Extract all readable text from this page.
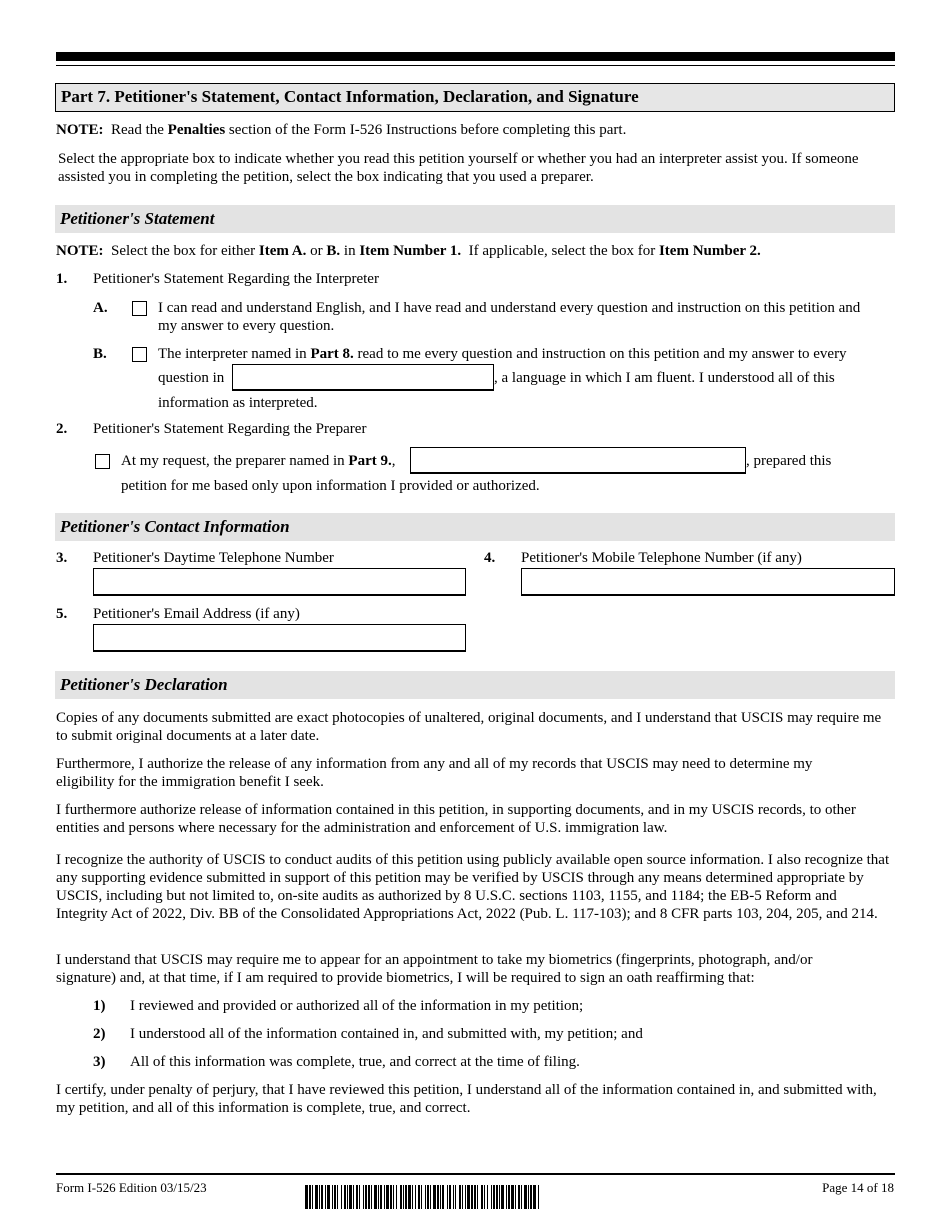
Part 7. Petitioner's Statement, Contact Information, Declaration, and Signature
NOTE: Read the Penalties section of the Form I-526 Instructions before completing this part.
Select the appropriate box to indicate whether you read this petition yourself or whether you had an interpreter assist you. If someone assisted you in completing the petition, select the box indicating that you used a preparer.
Petitioner's Statement
NOTE: Select the box for either Item A. or B. in Item Number 1. If applicable, select the box for Item Number 2.
1. Petitioner's Statement Regarding the Interpreter
A.	I can read and understand English, and I have read and understand every question and instruction on this petition and
my answer to every question.
B.	The interpreter named in Part 8. read to me every question and instruction on this petition and my answer to every
question in	, a language in which I am fluent. I understood all of this
information as interpreted.
2. Petitioner's Statement Regarding the Preparer
At my request, the preparer named in Part 9.,	, prepared this
petition for me based only upon information I provided or authorized.
Petitioner's Contact Information
3. Petitioner's Daytime Telephone Number	4. Petitioner's Mobile Telephone Number (if any)
5. Petitioner's Email Address (if any)
Petitioner's Declaration
Copies of any documents submitted are exact photocopies of unaltered, original documents, and I understand that USCIS may require me to submit original documents at a later date.
Furthermore, I authorize the release of any information from any and all of my records that USCIS may need to determine my eligibility for the immigration benefit I seek.
I furthermore authorize release of information contained in this petition, in supporting documents, and in my USCIS records, to other entities and persons where necessary for the administration and enforcement of U.S. immigration law.
I recognize the authority of USCIS to conduct audits of this petition using publicly available open source information. I also recognize that any supporting evidence submitted in support of this petition may be verified by USCIS through any means determined appropriate by USCIS, including but not limited to, on-site audits as authorized by 8 U.S.C. sections 1103, 1155, and 1184; the EB-5 Reform and Integrity Act of 2022, Div. BB of the Consolidated Appropriations Act, 2022 (Pub. L. 117-103); and 8 CFR parts 103, 204, 205, and 214.
I understand that USCIS may require me to appear for an appointment to take my biometrics (fingerprints, photograph, and/or signature) and, at that time, if I am required to provide biometrics, I will be required to sign an oath reaffirming that:
1) I reviewed and provided or authorized all of the information in my petition;
2) I understood all of the information contained in, and submitted with, my petition; and
3) All of this information was complete, true, and correct at the time of filing.
I certify, under penalty of perjury, that I have reviewed this petition, I understand all of the information contained in, and submitted with, my petition, and all of this information is complete, true, and correct.
Form I-526 Edition 03/15/23	Page 14 of 18
